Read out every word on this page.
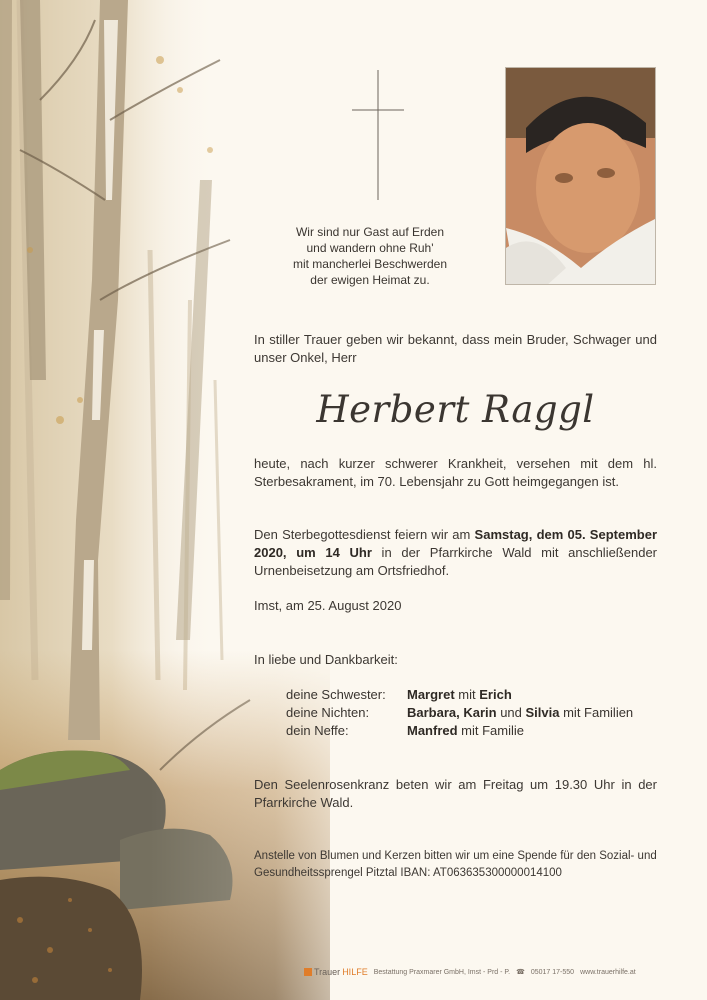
Wir sind nur Gast auf Erden
und wandern ohne Ruh'
mit mancherlei Beschwerden
der ewigen Heimat zu.
In stiller Trauer geben wir bekannt, dass mein Bruder, Schwager und unser Onkel, Herr
Herbert Raggl
heute, nach kurzer schwerer Krankheit, versehen mit dem hl. Sterbesakrament, im 70. Lebensjahr zu Gott heimgegangen ist.
Den Sterbegottesdienst feiern wir am Samstag, dem 05. September 2020, um 14 Uhr in der Pfarrkirche Wald mit anschließender Urnenbeisetzung am Ortsfriedhof.
Imst, am 25. August 2020
In liebe und Dankbarkeit:
deine Schwester:	Margret mit Erich
deine Nichten:	Barbara, Karin und Silvia mit Familien
dein Neffe:	Manfred mit Familie
Den Seelenrosenkranz beten wir am Freitag um 19.30 Uhr in der Pfarrkirche Wald.
Anstelle von Blumen und Kerzen bitten wir um eine Spende für den Sozial- und Gesundheitssprengel Pitztal IBAN: AT063635300000014100
Trauer HILFE Bestattung Praxmarer GmbH, Imst - Prd - P. ☎ 05017 17-550 www.trauerhilfe.at
